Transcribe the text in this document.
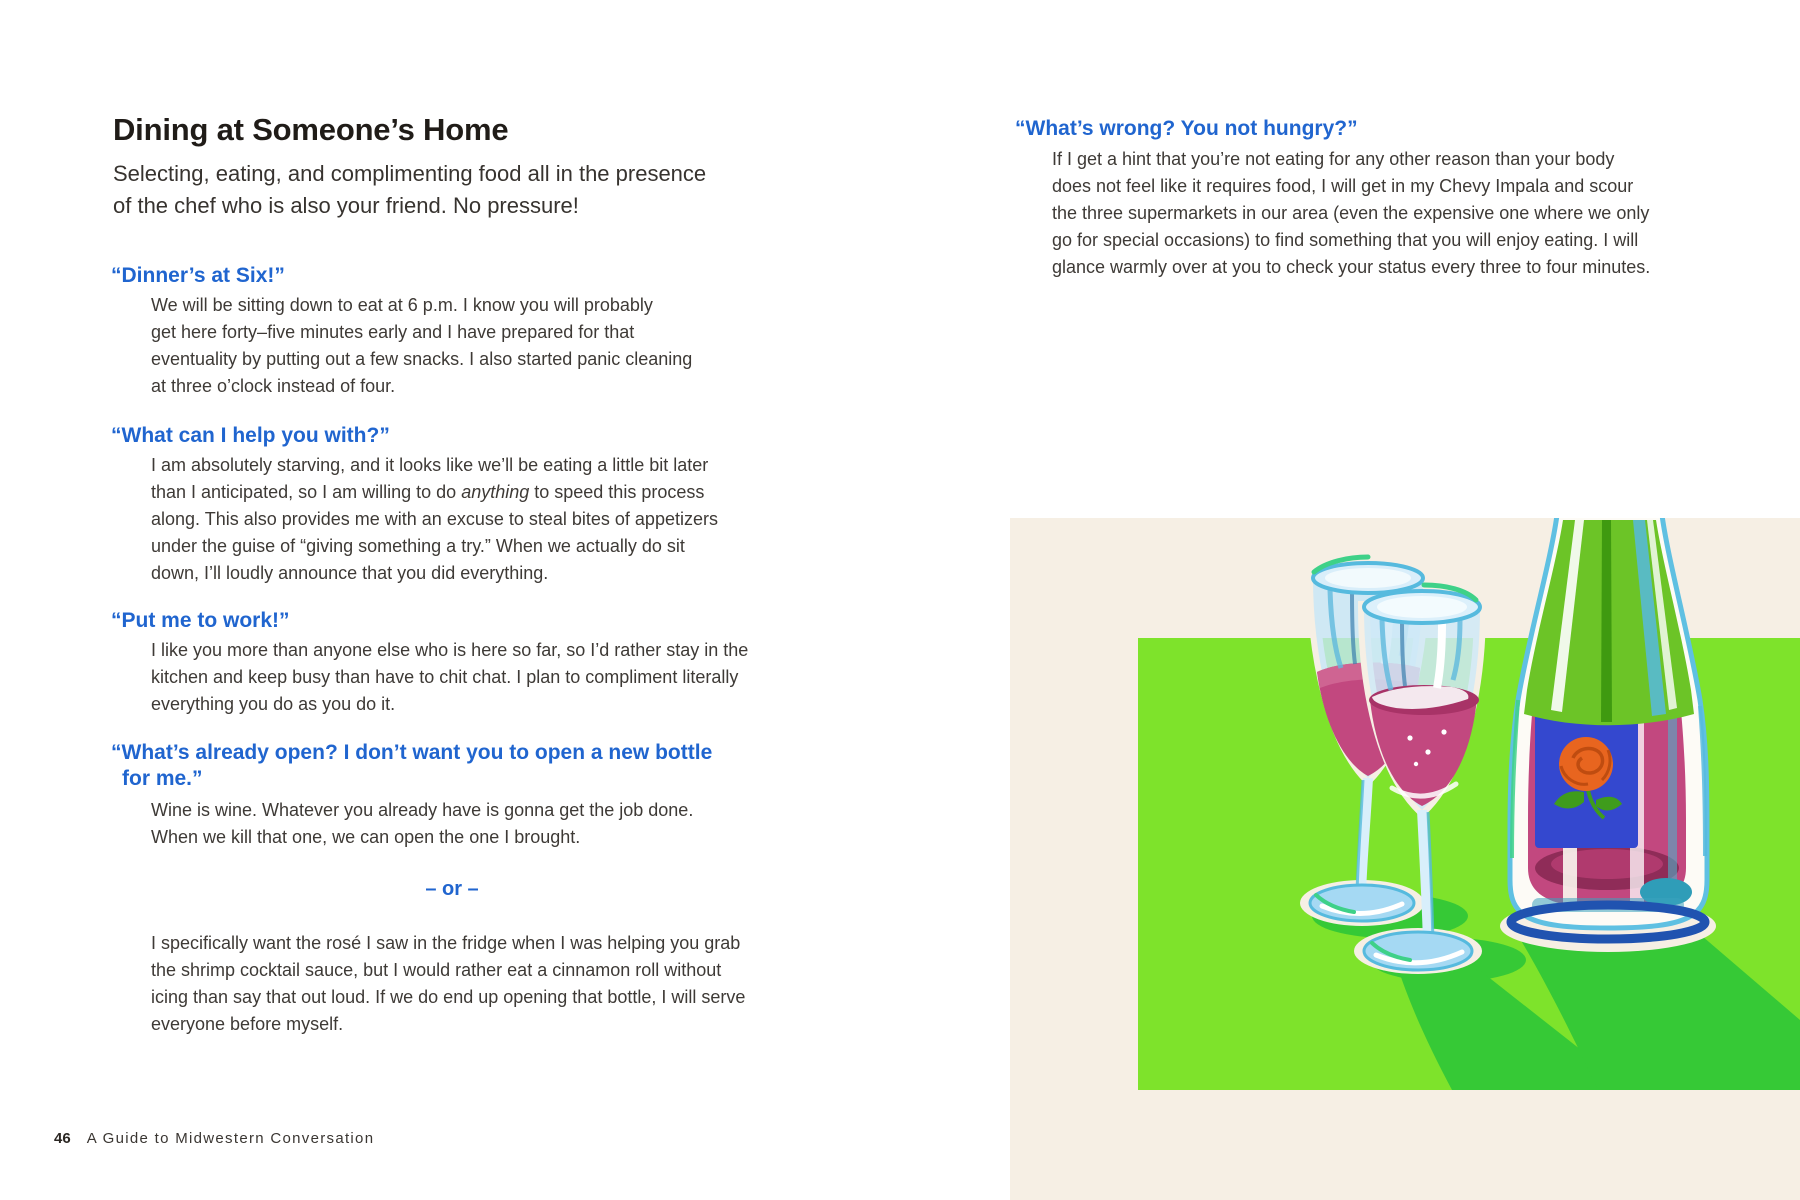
Dining at Someone’s Home
Selecting, eating, and complimenting food all in the presence
of the chef who is also your friend. No pressure!
“Dinner’s at Six!”
We will be sitting down to eat at 6 p.m. I know you will probably
get here forty–five minutes early and I have prepared for that
eventuality by putting out a few snacks. I also started panic cleaning
at three o’clock instead of four.
“What can I help you with?”
I am absolutely starving, and it looks like we’ll be eating a little bit later
than I anticipated, so I am willing to do anything to speed this process
along. This also provides me with an excuse to steal bites of appetizers
under the guise of “giving something a try.” When we actually do sit
down, I’ll loudly announce that you did everything.
“Put me to work!”
I like you more than anyone else who is here so far, so I’d rather stay in the
kitchen and keep busy than have to chit chat. I plan to compliment literally
everything you do as you do it.
“What’s already open? I don’t want you to open a new bottle
for me.”
Wine is wine. Whatever you already have is gonna get the job done.
When we kill that one, we can open the one I brought.
– or –
I specifically want the rosé I saw in the fridge when I was helping you grab
the shrimp cocktail sauce, but I would rather eat a cinnamon roll without
icing than say that out loud. If we do end up opening that bottle, I will serve
everyone before myself.
46 A Guide to Midwestern Conversation
“What’s wrong? You not hungry?”
If I get a hint that you’re not eating for any other reason than your body
does not feel like it requires food, I will get in my Chevy Impala and scour
the three supermarkets in our area (even the expensive one where we only
go for special occasions) to find something that you will enjoy eating. I will
glance warmly over at you to check your status every three to four minutes.
